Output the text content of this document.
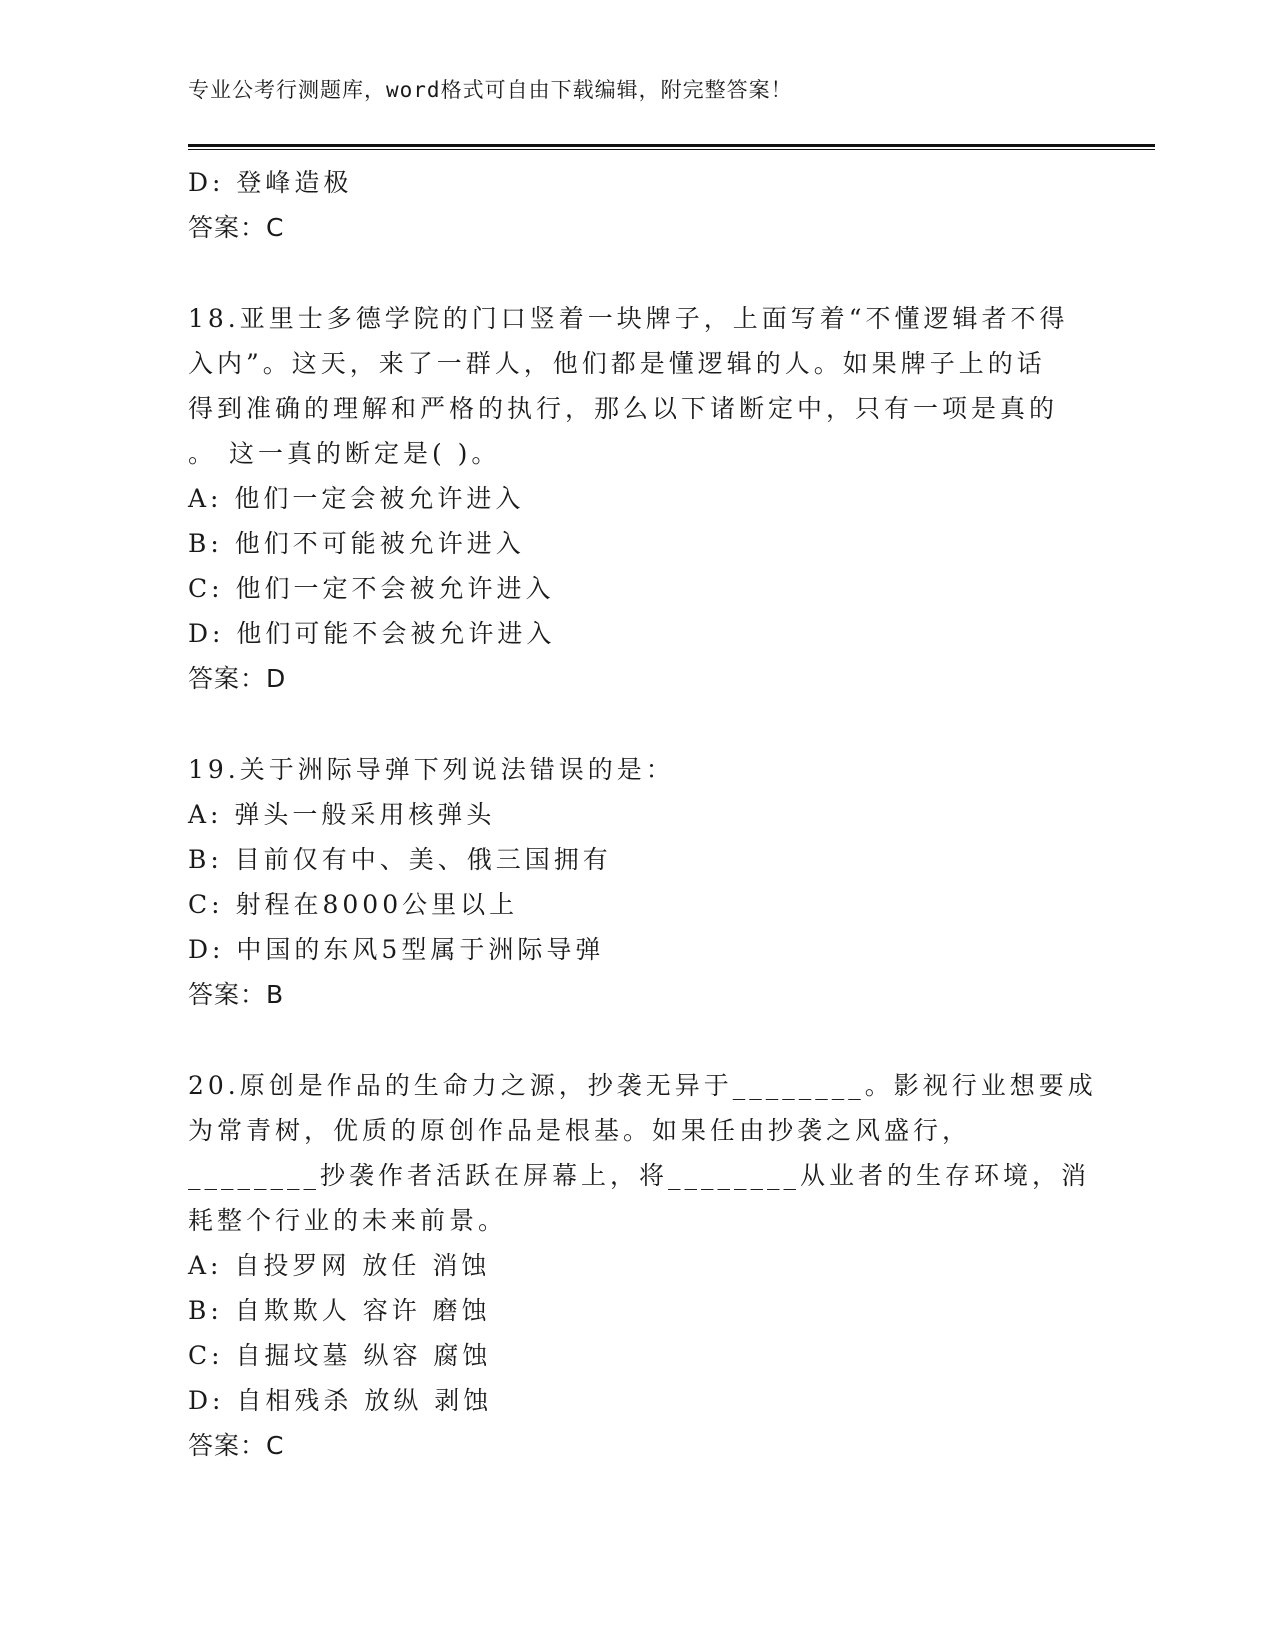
专业公考行测题库，word格式可自由下载编辑，附完整答案！
D: 登峰造极
答案：C
18.亚里士多德学院的门口竖着一块牌子，上面写着“不懂逻辑者不得
入内”。这天，来了一群人，他们都是懂逻辑的人。如果牌子上的话
得到准确的理解和严格的执行，那么以下诸断定中，只有一项是真的
。 这一真的断定是( )。
A: 他们一定会被允许进入
B: 他们不可能被允许进入
C: 他们一定不会被允许进入
D: 他们可能不会被允许进入
答案：D
19.关于洲际导弹下列说法错误的是：
A: 弹头一般采用核弹头
B: 目前仅有中、美、俄三国拥有
C: 射程在8000公里以上
D: 中国的东风5型属于洲际导弹
答案：B
20.原创是作品的生命力之源，抄袭无异于________。影视行业想要成
为常青树，优质的原创作品是根基。如果任由抄袭之风盛行，
________抄袭作者活跃在屏幕上，将________从业者的生存环境，消
耗整个行业的未来前景。
A: 自投罗网 放任 消蚀
B: 自欺欺人 容许 磨蚀
C: 自掘坟墓 纵容 腐蚀
D: 自相残杀 放纵 剥蚀
答案：C
